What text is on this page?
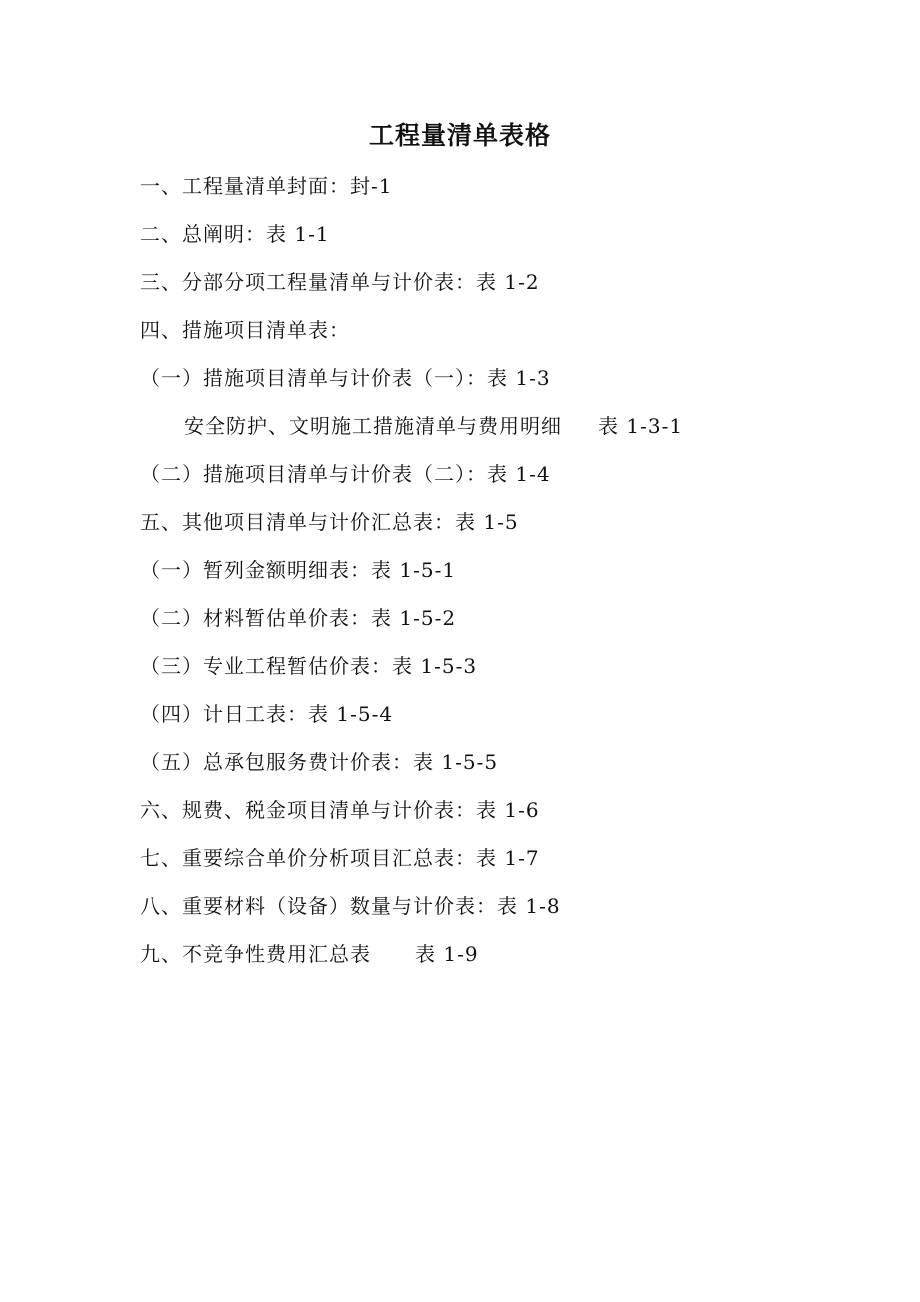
工程量清单表格
一、工程量清单封面：封-1
二、总阐明：表 1-1
三、分部分项工程量清单与计价表：表 1-2
四、措施项目清单表：
（一）措施项目清单与计价表（一）：表 1-3
安全防护、文明施工措施清单与费用明细 表 1-3-1
（二）措施项目清单与计价表（二）：表 1-4
五、其他项目清单与计价汇总表：表 1-5
（一）暂列金额明细表：表 1-5-1
（二）材料暂估单价表：表 1-5-2
（三）专业工程暂估价表：表 1-5-3
（四）计日工表：表 1-5-4
（五）总承包服务费计价表：表 1-5-5
六、规费、税金项目清单与计价表：表 1-6
七、重要综合单价分析项目汇总表：表 1-7
八、重要材料（设备）数量与计价表：表 1-8
九、不竞争性费用汇总表 表 1-9
